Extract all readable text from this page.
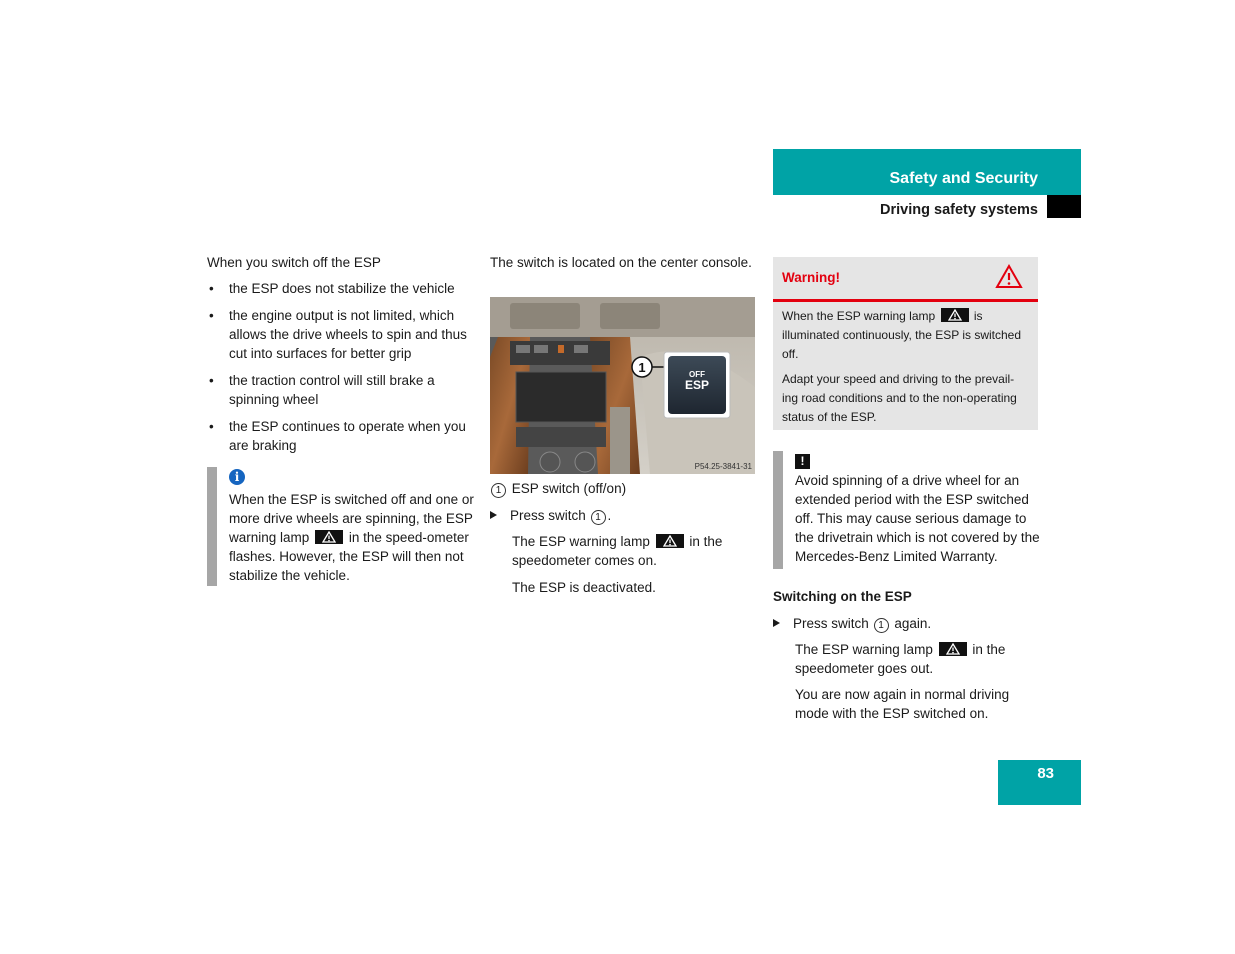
Safety and Security
Driving safety systems

When you switch off the ESP

• the ESP does not stabilize the vehicle
• the engine output is not limited, which allows the drive wheels to spin and thus cut into surfaces for better grip
• the traction control will still brake a spinning wheel
• the ESP continues to operate when you are braking
i

When the ESP is switched off and one or more drive wheels are spinning, the ESP warning lamp	in the speed-ometer flashes. However, the ESP will then not stabilize the vehicle.

The switch is located on the center console.

1	OFF
ESP
P54.25-3841-31
1 ESP switch (off/on)
Press switch 1 .
The ESP warning lamp	in the speedometer comes on.
The ESP is deactivated.
Warning!

When the ESP warning lamp	is illuminated continuously, the ESP is switched off.

Adapt your speed and driving to the prevail-ing road conditions and to the non-operating status of the ESP.

!

Avoid spinning of a drive wheel for an extended period with the ESP switched off. This may cause serious damage to the drivetrain which is not covered by the Mercedes-Benz Limited Warranty.

Switching on the ESP
Press switch 1 again.
The ESP warning lamp	in the speedometer goes out.
You are now again in normal driving mode with the ESP switched on.
83
